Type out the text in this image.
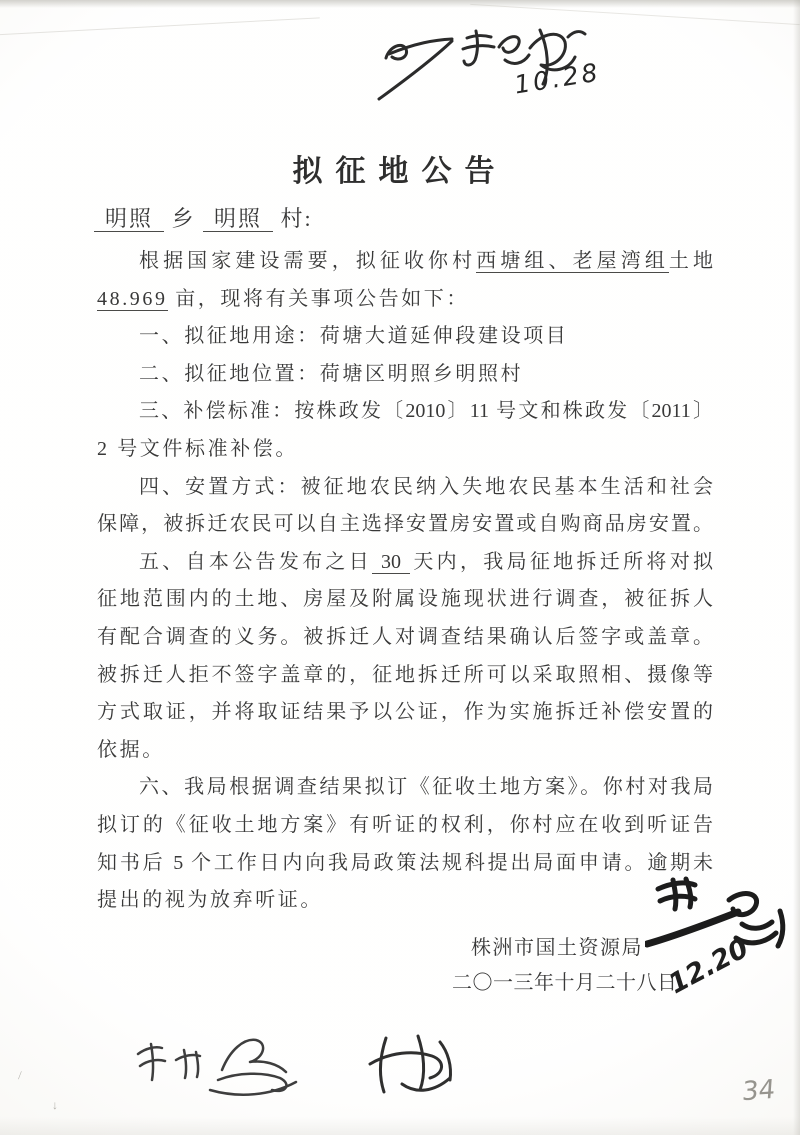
\
↓
10.28
拟征地公告
明照 乡 明照 村:
根据国家建设需要，拟征收你村西塘组、老屋湾组土地
48.969 亩，现将有关事项公告如下：
一、拟征地用途：荷塘大道延伸段建设项目
二、拟征地位置：荷塘区明照乡明照村
三、补偿标准：按株政发〔2010〕11 号文和株政发〔2011〕
2 号文件标准补偿。
四、安置方式：被征地农民纳入失地农民基本生活和社会
保障，被拆迁农民可以自主选择安置房安置或自购商品房安置。
五、自本公告发布之日 30 天内，我局征地拆迁所将对拟
征地范围内的土地、房屋及附属设施现状进行调查，被征拆人
有配合调查的义务。被拆迁人对调查结果确认后签字或盖章。
被拆迁人拒不签字盖章的，征地拆迁所可以采取照相、摄像等
方式取证，并将取证结果予以公证，作为实施拆迁补偿安置的
依据。
六、我局根据调查结果拟订《征收土地方案》。你村对我局
拟订的《征收土地方案》有听证的权利，你村应在收到听证告
知书后 5 个工作日内向我局政策法规科提出局面申请。逾期未
提出的视为放弃听证。
株洲市国土资源局
二〇一三年十月二十八日
12.20
34
